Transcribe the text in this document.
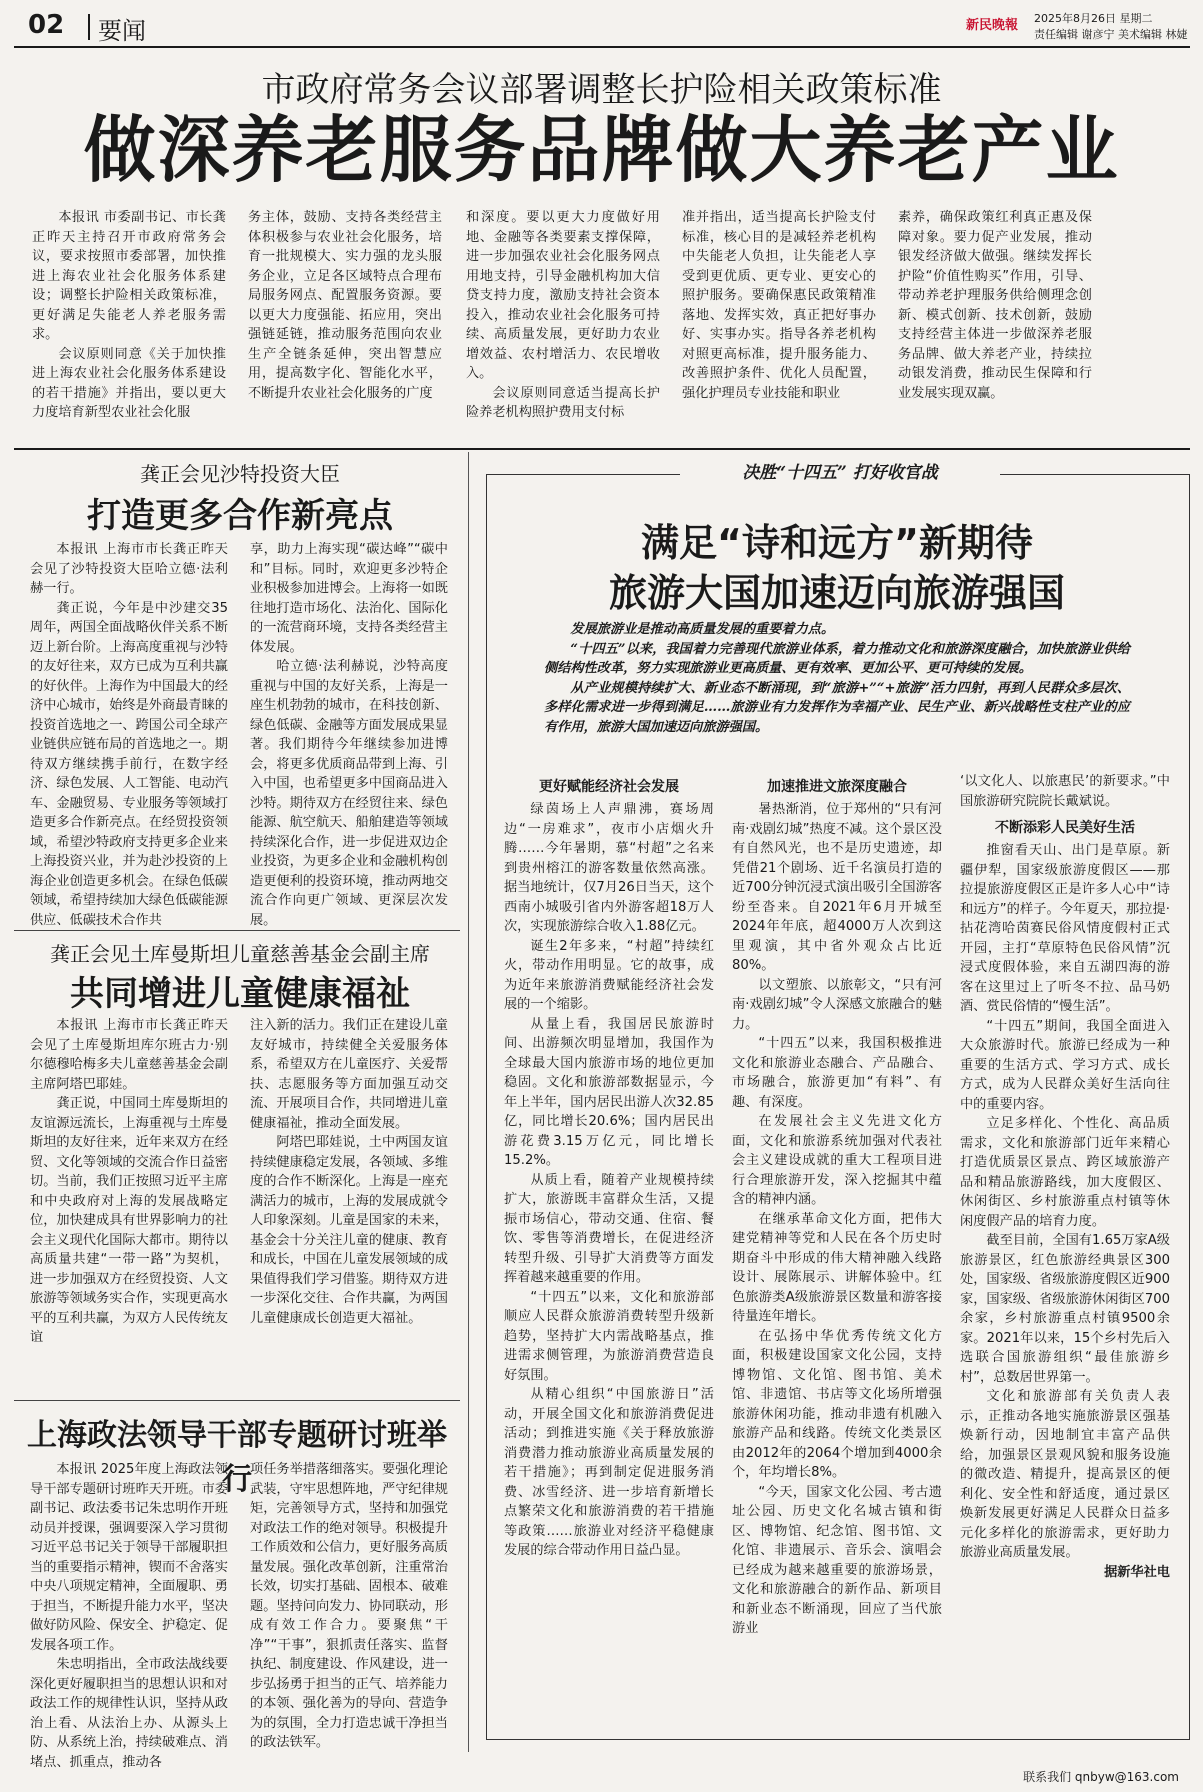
02 要闻	新民晚報 2025年8月26日 星期二
责任编辑 谢彦宁 美术编辑 林婕
市政府常务会议部署调整长护险相关政策标准
做深养老服务品牌做大养老产业

本报讯 市委副书记、市长龚正昨天主持召开市政府常务会议，要求按照市委部署，加快推进上海农业社会化服务体系建设；调整长护险相关政策标准，更好满足失能老人养老服务需求。

会议原则同意《关于加快推进上海农业社会化服务体系建设的若干措施》并指出，要以更大力度培育新型农业社会化服

务主体，鼓励、支持各类经营主体积极参与农业社会化服务，培育一批规模大、实力强的龙头服务企业，立足各区域特点合理布局服务网点、配置服务资源。要以更大力度强能、拓应用，突出强链延链，推动服务范围向农业生产全链条延伸，突出智慧应用，提高数字化、智能化水平，不断提升农业社会化服务的广度

和深度。要以更大力度做好用地、金融等各类要素支撑保障，进一步加强农业社会化服务网点用地支持，引导金融机构加大信贷支持力度，激励支持社会资本投入，推动农业社会化服务可持续、高质量发展，更好助力农业增效益、农村增活力、农民增收入。

会议原则同意适当提高长护险养老机构照护费用支付标

准并指出，适当提高长护险支付标准，核心目的是减轻养老机构中失能老人负担，让失能老人享受到更优质、更专业、更安心的照护服务。要确保惠民政策精准落地、发挥实效，真正把好事办好、实事办实。指导各养老机构对照更高标准，提升服务能力、改善照护条件、优化人员配置，强化护理员专业技能和职业

素养，确保政策红利真正惠及保障对象。要力促产业发展，推动银发经济做大做强。继续发挥长护险“价值性购买”作用，引导、带动养老护理服务供给侧理念创新、模式创新、技术创新，鼓励支持经营主体进一步做深养老服务品牌、做大养老产业，持续拉动银发消费，推动民生保障和行业发展实现双赢。

龚正会见沙特投资大臣
打造更多合作新亮点

本报讯 上海市市长龚正昨天会见了沙特投资大臣哈立德·法利赫一行。

龚正说，今年是中沙建交35周年，两国全面战略伙伴关系不断迈上新台阶。上海高度重视与沙特的友好往来，双方已成为互利共赢的好伙伴。上海作为中国最大的经济中心城市，始终是外商最青睐的投资首选地之一、跨国公司全球产业链供应链布局的首选地之一。期待双方继续携手前行，在数字经济、绿色发展、人工智能、电动汽车、金融贸易、专业服务等领域打造更多合作新亮点。在经贸投资领域，希望沙特政府支持更多企业来上海投资兴业，并为赴沙投资的上海企业创造更多机会。在绿色低碳领域，希望持续加大绿色低碳能源供应、低碳技术合作共

享，助力上海实现“碳达峰”“碳中和”目标。同时，欢迎更多沙特企业积极参加进博会。上海将一如既往地打造市场化、法治化、国际化的一流营商环境，支持各类经营主体发展。

哈立德·法利赫说，沙特高度重视与中国的友好关系，上海是一座生机勃勃的城市，在科技创新、绿色低碳、金融等方面发展成果显著。我们期待今年继续参加进博会，将更多优质商品带到上海、引入中国，也希望更多中国商品进入沙特。期待双方在经贸往来、绿色能源、航空航天、船舶建造等领域持续深化合作，进一步促进双边企业投资，为更多企业和金融机构创造更便利的投资环境，推动两地交流合作向更广领域、更深层次发展。

龚正会见土库曼斯坦儿童慈善基金会副主席
共同增进儿童健康福祉

本报讯 上海市市长龚正昨天会见了土库曼斯坦库尔班古力·别尔德穆哈梅多夫儿童慈善基金会副主席阿塔巴耶娃。

龚正说，中国同土库曼斯坦的友谊源远流长，上海重视与土库曼斯坦的友好往来，近年来双方在经贸、文化等领域的交流合作日益密切。当前，我们正按照习近平主席和中央政府对上海的发展战略定位，加快建成具有世界影响力的社会主义现代化国际大都市。期待以高质量共建“一带一路”为契机，进一步加强双方在经贸投资、人文旅游等领域务实合作，实现更高水平的互利共赢，为双方人民传统友谊

注入新的活力。我们正在建设儿童友好城市，持续健全关爱服务体系，希望双方在儿童医疗、关爱帮扶、志愿服务等方面加强互动交流、开展项目合作，共同增进儿童健康福祉，推动全面发展。

阿塔巴耶娃说，土中两国友谊持续健康稳定发展，各领域、多维度的合作不断深化。上海是一座充满活力的城市，上海的发展成就令人印象深刻。儿童是国家的未来，基金会十分关注儿童的健康、教育和成长，中国在儿童发展领域的成果值得我们学习借鉴。期待双方进一步深化交往、合作共赢，为两国儿童健康成长创造更大福祉。

上海政法领导干部专题研讨班举行

本报讯 2025年度上海政法领导干部专题研讨班昨天开班。市委副书记、政法委书记朱忠明作开班动员并授课，强调要深入学习贯彻习近平总书记关于领导干部履职担当的重要指示精神，锲而不舍落实中央八项规定精神，全面履职、勇于担当，不断提升能力水平，坚决做好防风险、保安全、护稳定、促发展各项工作。

朱忠明指出，全市政法战线要深化更好履职担当的思想认识和对政法工作的规律性认识，坚持从政治上看、从法治上办、从源头上防、从系统上治，持续破难点、消堵点、抓重点，推动各

项任务举措落细落实。要强化理论武装，守牢思想阵地，严守纪律规矩，完善领导方式，坚持和加强党对政法工作的绝对领导。积极提升工作质效和公信力，更好服务高质量发展。强化改革创新，注重常治长效，切实打基础、固根本、破难题。坚持问向发力、协同联动，形成有效工作合力。要聚焦“干净”“干事”，狠抓责任落实、监督执纪、制度建设、作风建设，进一步弘扬勇于担当的正气、培养能力的本领、强化善为的导向、营造争为的氛围，全力打造忠诚干净担当的政法铁军。

决胜“十四五” 打好收官战
满足“诗和远方”新期待
旅游大国加速迈向旅游强国

发展旅游业是推动高质量发展的重要着力点。

“十四五”以来，我国着力完善现代旅游业体系，着力推动文化和旅游深度融合，加快旅游业供给侧结构性改革，努力实现旅游业更高质量、更有效率、更加公平、更可持续的发展。

从产业规模持续扩大、新业态不断涌现，到“旅游+”“+旅游”活力四射，再到人民群众多层次、多样化需求进一步得到满足……旅游业有力发挥作为幸福产业、民生产业、新兴战略性支柱产业的应有作用，旅游大国加速迈向旅游强国。

更好赋能经济社会发展

绿茵场上人声鼎沸，赛场周边“一房难求”，夜市小店烟火升腾……今年暑期，慕“村超”之名来到贵州榕江的游客数量依然高涨。据当地统计，仅7月26日当天，这个西南小城吸引省内外游客超18万人次，实现旅游综合收入1.88亿元。

诞生2年多来，“村超”持续红火，带动作用明显。它的故事，成为近年来旅游消费赋能经济社会发展的一个缩影。

从量上看，我国居民旅游时间、出游频次明显增加，我国作为全球最大国内旅游市场的地位更加稳固。文化和旅游部数据显示，今年上半年，国内居民出游人次32.85亿，同比增长20.6%；国内居民出游花费3.15万亿元，同比增长15.2%。

从质上看，随着产业规模持续扩大，旅游既丰富群众生活，又提振市场信心，带动交通、住宿、餐饮、零售等消费增长，在促进经济转型升级、引导扩大消费等方面发挥着越来越重要的作用。

“十四五”以来，文化和旅游部顺应人民群众旅游消费转型升级新趋势，坚持扩大内需战略基点，推进需求侧管理，为旅游消费营造良好氛围。

从精心组织“中国旅游日”活动，开展全国文化和旅游消费促进活动；到推进实施《关于释放旅游消费潜力推动旅游业高质量发展的若干措施》；再到制定促进服务消费、冰雪经济、进一步培育新增长点繁荣文化和旅游消费的若干措施等政策……旅游业对经济平稳健康发展的综合带动作用日益凸显。

加速推进文旅深度融合

暑热渐消，位于郑州的“只有河南·戏剧幻城”热度不减。这个景区没有自然风光，也不是历史遗迹，却凭借21个剧场、近千名演员打造的近700分钟沉浸式演出吸引全国游客纷至沓来。自2021年6月开城至2024年年底，超4000万人次到这里观演，其中省外观众占比近80%。

以文塑旅、以旅彰文，“只有河南·戏剧幻城”令人深感文旅融合的魅力。

“十四五”以来，我国积极推进文化和旅游业态融合、产品融合、市场融合，旅游更加“有料”、有趣、有深度。

在发展社会主义先进文化方面，文化和旅游系统加强对代表社会主义建设成就的重大工程项目进行合理旅游开发，深入挖掘其中蕴含的精神内涵。

在继承革命文化方面，把伟大建党精神等党和人民在各个历史时期奋斗中形成的伟大精神融入线路设计、展陈展示、讲解体验中。红色旅游类A级旅游景区数量和游客接待量连年增长。

在弘扬中华优秀传统文化方面，积极建设国家文化公园，支持博物馆、文化馆、图书馆、美术馆、非遗馆、书店等文化场所增强旅游休闲功能，推动非遗有机融入旅游产品和线路。传统文化类景区由2012年的2064个增加到4000余个，年均增长8%。

“今天，国家文化公园、考古遗址公园、历史文化名城古镇和街区、博物馆、纪念馆、图书馆、文化馆、非遗展示、音乐会、演唱会已经成为越来越重要的旅游场景，文化和旅游融合的新作品、新项目和新业态不断涌现，回应了当代旅游业

‘以文化人、以旅惠民’的新要求。”中国旅游研究院院长戴斌说。

不断添彩人民美好生活

推窗看天山、出门是草原。新疆伊犁，国家级旅游度假区——那拉提旅游度假区正是许多人心中“诗和远方”的样子。今年夏天，那拉提·拈花湾哈茵赛民俗风情度假村正式开园，主打“草原特色民俗风情”沉浸式度假体验，来自五湖四海的游客在这里过上了听冬不拉、品马奶酒、赏民俗情的“慢生活”。

“十四五”期间，我国全面进入大众旅游时代。旅游已经成为一种重要的生活方式、学习方式、成长方式，成为人民群众美好生活向往中的重要内容。

立足多样化、个性化、高品质需求，文化和旅游部门近年来精心打造优质景区景点、跨区域旅游产品和精品旅游路线，加大度假区、休闲街区、乡村旅游重点村镇等休闲度假产品的培育力度。

截至目前，全国有1.65万家A级旅游景区，红色旅游经典景区300处，国家级、省级旅游度假区近900家，国家级、省级旅游休闲街区700余家，乡村旅游重点村镇9500余家。2021年以来，15个乡村先后入选联合国旅游组织“最佳旅游乡村”，总数居世界第一。

文化和旅游部有关负责人表示，正推动各地实施旅游景区强基焕新行动，因地制宜丰富产品供给，加强景区景观风貌和服务设施的微改造、精提升，提高景区的便利化、安全性和舒适度，通过景区焕新发展更好满足人民群众日益多元化多样化的旅游需求，更好助力旅游业高质量发展。

据新华社电

联系我们 qnbyw@163.com
